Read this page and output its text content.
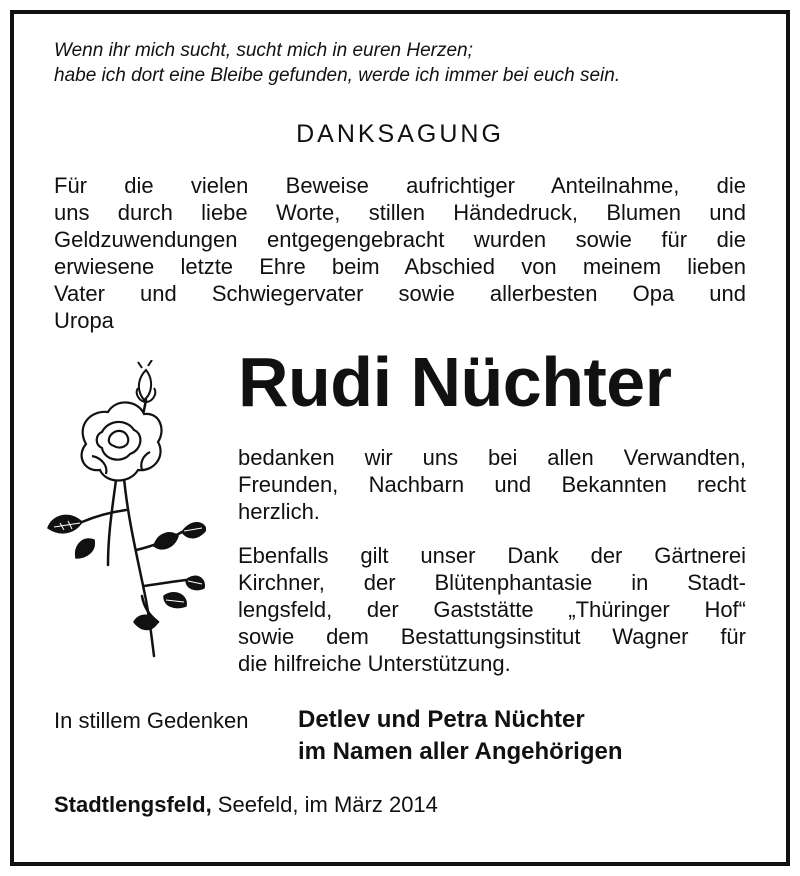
Wenn ihr mich sucht, sucht mich in euren Herzen;
habe ich dort eine Bleibe gefunden, werde ich immer bei euch sein.
DANKSAGUNG
Für die vielen Beweise aufrichtiger Anteilnahme, die
uns durch liebe Worte, stillen Händedruck, Blumen und
Geldzuwendungen entgegengebracht wurden sowie für die
erwiesene letzte Ehre beim Abschied von meinem lieben
Vater und Schwiegervater sowie allerbesten Opa und
Uropa
Rudi Nüchter
bedanken wir uns bei allen Verwandten,
Freunden, Nachbarn und Bekannten recht
herzlich.
Ebenfalls gilt unser Dank der Gärtnerei
Kirchner, der Blütenphantasie in Stadt-
lengsfeld, der Gaststätte „Thüringer Hof“
sowie dem Bestattungsinstitut Wagner für
die hilfreiche Unterstützung.
In stillem Gedenken Detlev und Petra Nüchter
im Namen aller Angehörigen
Stadtlengsfeld, Seefeld, im März 2014
